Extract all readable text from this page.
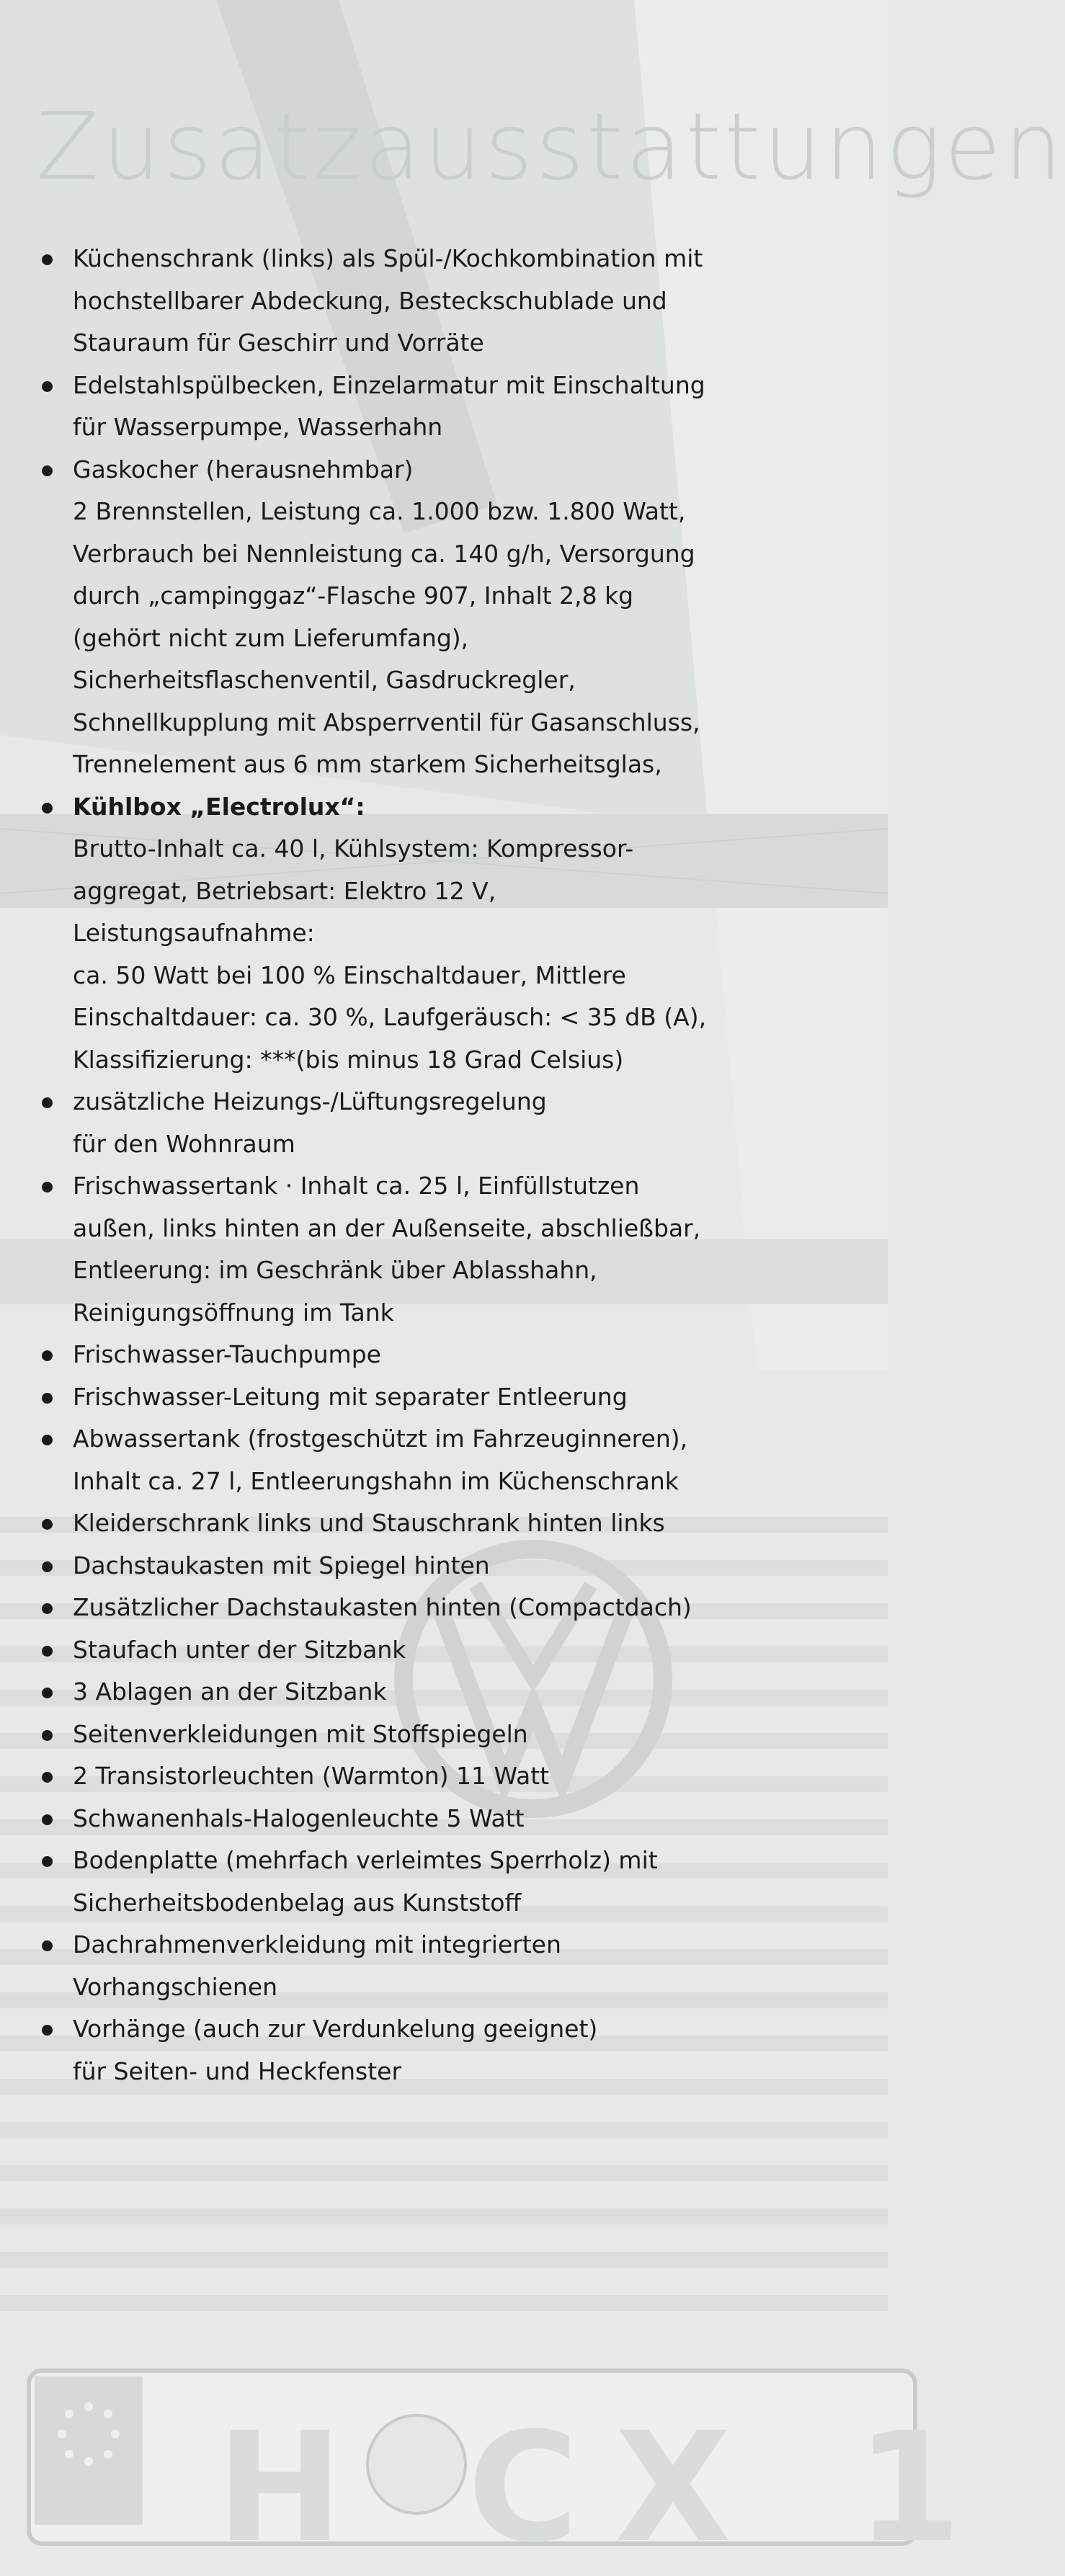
Zusatzausstattungen
H CX 1
Küchenschrank (links) als Spül-/Kochkombination mit
hochstellbarer Abdeckung, Besteckschublade und
Stauraum für Geschirr und Vorräte
Edelstahlspülbecken, Einzelarmatur mit Einschaltung
für Wasserpumpe, Wasserhahn
Gaskocher (herausnehmbar)
2 Brennstellen, Leistung ca. 1.000 bzw. 1.800 Watt,
Verbrauch bei Nennleistung ca. 140 g/h, Versorgung
durch „campinggaz“-Flasche 907, Inhalt 2,8 kg
(gehört nicht zum Lieferumfang),
Sicherheitsflaschenventil, Gasdruckregler,
Schnellkupplung mit Absperrventil für Gasanschluss,
Trennelement aus 6 mm starkem Sicherheitsglas,
Kühlbox „Electrolux“:
Brutto-Inhalt ca. 40 l, Kühlsystem: Kompressor-
aggregat, Betriebsart: Elektro 12 V,
Leistungsaufnahme:
ca. 50 Watt bei 100 % Einschaltdauer, Mittlere
Einschaltdauer: ca. 30 %, Laufgeräusch: < 35 dB (A),
Klassifizierung: ***(bis minus 18 Grad Celsius)
zusätzliche Heizungs-/Lüftungsregelung
für den Wohnraum
Frischwassertank · Inhalt ca. 25 l, Einfüllstutzen
außen, links hinten an der Außenseite, abschließbar,
Entleerung: im Geschränk über Ablasshahn,
Reinigungsöffnung im Tank
Frischwasser-Tauchpumpe
Frischwasser-Leitung mit separater Entleerung
Abwassertank (frostgeschützt im Fahrzeuginneren),
Inhalt ca. 27 l, Entleerungshahn im Küchenschrank
Kleiderschrank links und Stauschrank hinten links
Dachstaukasten mit Spiegel hinten
Zusätzlicher Dachstaukasten hinten (Compactdach)
Staufach unter der Sitzbank
3 Ablagen an der Sitzbank
Seitenverkleidungen mit Stoffspiegeln
2 Transistorleuchten (Warmton) 11 Watt
Schwanenhals-Halogenleuchte 5 Watt
Bodenplatte (mehrfach verleimtes Sperrholz) mit
Sicherheitsbodenbelag aus Kunststoff
Dachrahmenverkleidung mit integrierten
Vorhangschienen
Vorhänge (auch zur Verdunkelung geeignet)
für Seiten- und Heckfenster
